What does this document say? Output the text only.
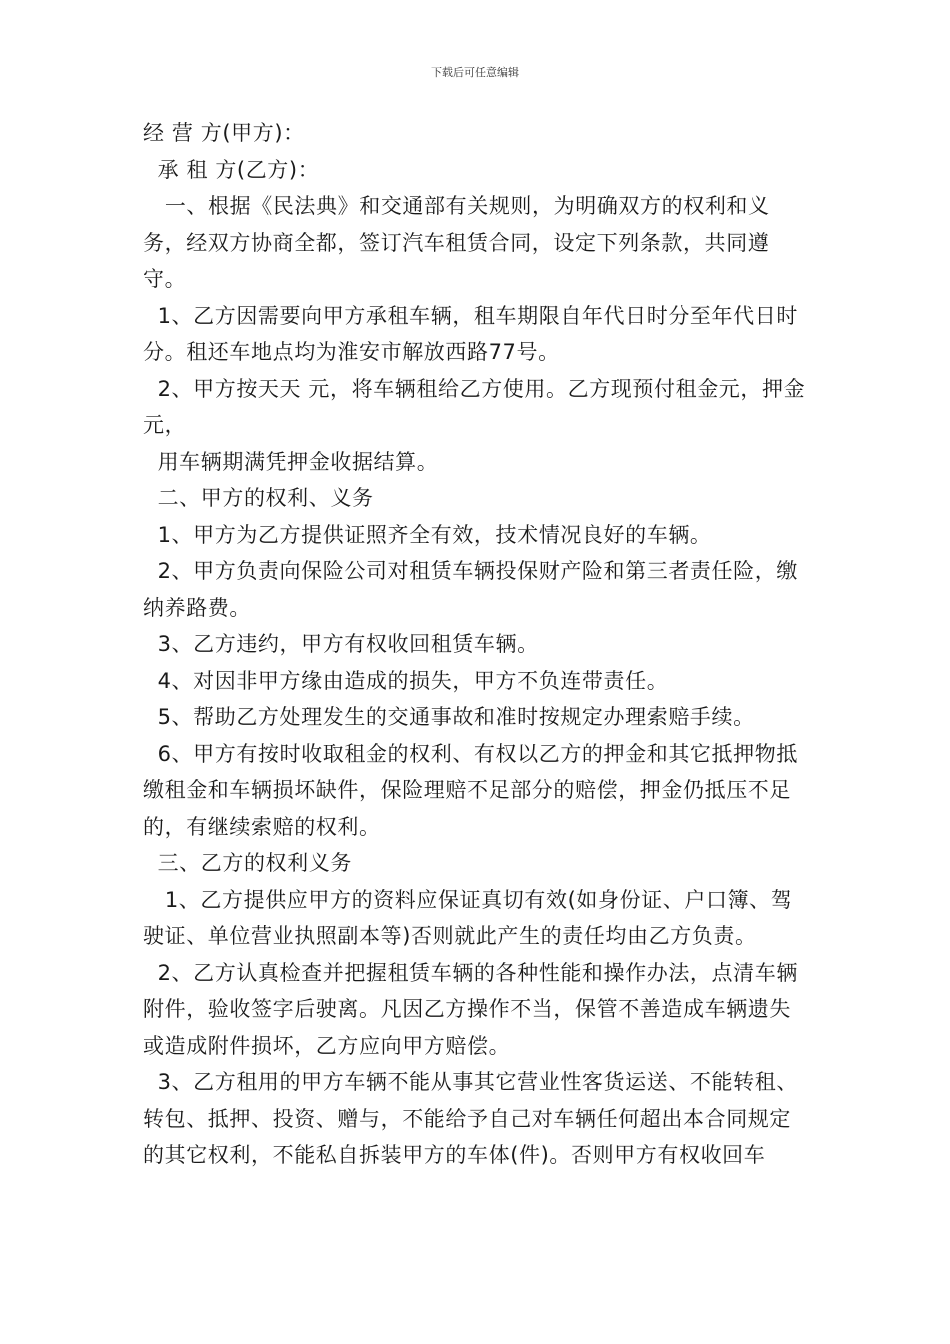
下载后可任意编辑

经 营 方(甲方)：

承 租 方(乙方)：

一、根据《民法典》和交通部有关规则，为明确双方的权利和义务，经双方协商全都，签订汽车租赁合同，设定下列条款，共同遵守。

1、乙方因需要向甲方承租车辆，租车期限自年代日时分至年代日时分。租还车地点均为淮安市解放西路77号。

2、甲方按天天 元，将车辆租给乙方使用。乙方现预付租金元，押金元，

用车辆期满凭押金收据结算。

二、甲方的权利、义务

1、甲方为乙方提供证照齐全有效，技术情况良好的车辆。

2、甲方负责向保险公司对租赁车辆投保财产险和第三者责任险，缴纳养路费。

3、乙方违约，甲方有权收回租赁车辆。

4、对因非甲方缘由造成的损失，甲方不负连带责任。

5、帮助乙方处理发生的交通事故和准时按规定办理索赔手续。

6、甲方有按时收取租金的权利、有权以乙方的押金和其它抵押物抵缴租金和车辆损坏缺件，保险理赔不足部分的赔偿，押金仍抵压不足的，有继续索赔的权利。

三、乙方的权利义务

1、乙方提供应甲方的资料应保证真切有效(如身份证、户口簿、驾驶证、单位营业执照副本等)否则就此产生的责任均由乙方负责。

2、乙方认真检查并把握租赁车辆的各种性能和操作办法，点清车辆附件，验收签字后驶离。凡因乙方操作不当，保管不善造成车辆遗失或造成附件损坏，乙方应向甲方赔偿。

3、乙方租用的甲方车辆不能从事其它营业性客货运送、不能转租、转包、抵押、投资、赠与，不能给予自己对车辆任何超出本合同规定的其它权利，不能私自拆装甲方的车体(件)。否则甲方有权收回车
